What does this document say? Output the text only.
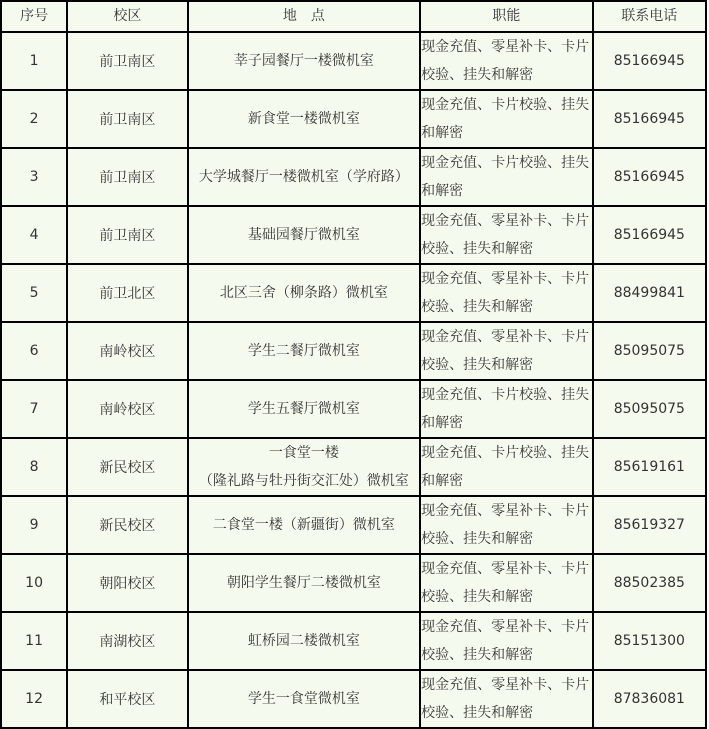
序号	校区	地　点	职能	联系电话
1	前卫南区	莘子园餐厅一楼微机室	现金充值、零星补卡、卡片校验、挂失和解密	85166945
2	前卫南区	新食堂一楼微机室	现金充值、卡片校验、挂失和解密	85166945
3	前卫南区	大学城餐厅一楼微机室（学府路）	现金充值、卡片校验、挂失和解密	85166945
4	前卫南区	基础园餐厅微机室	现金充值、零星补卡、卡片校验、挂失和解密	85166945
5	前卫北区	北区三舍（柳条路）微机室	现金充值、零星补卡、卡片校验、挂失和解密	88499841
6	南岭校区	学生二餐厅微机室	现金充值、零星补卡、卡片校验、挂失和解密	85095075
7	南岭校区	学生五餐厅微机室	现金充值、卡片校验、挂失和解密	85095075
8	新民校区	一食堂一楼
（隆礼路与牡丹街交汇处）微机室	现金充值、卡片校验、挂失和解密	85619161
9	新民校区	二食堂一楼（新疆街）微机室	现金充值、零星补卡、卡片校验、挂失和解密	85619327
10	朝阳校区	朝阳学生餐厅二楼微机室	现金充值、零星补卡、卡片校验、挂失和解密	88502385
11	南湖校区	虹桥园二楼微机室	现金充值、零星补卡、卡片校验、挂失和解密	85151300
12	和平校区	学生一食堂微机室	现金充值、零星补卡、卡片校验、挂失和解密	87836081
